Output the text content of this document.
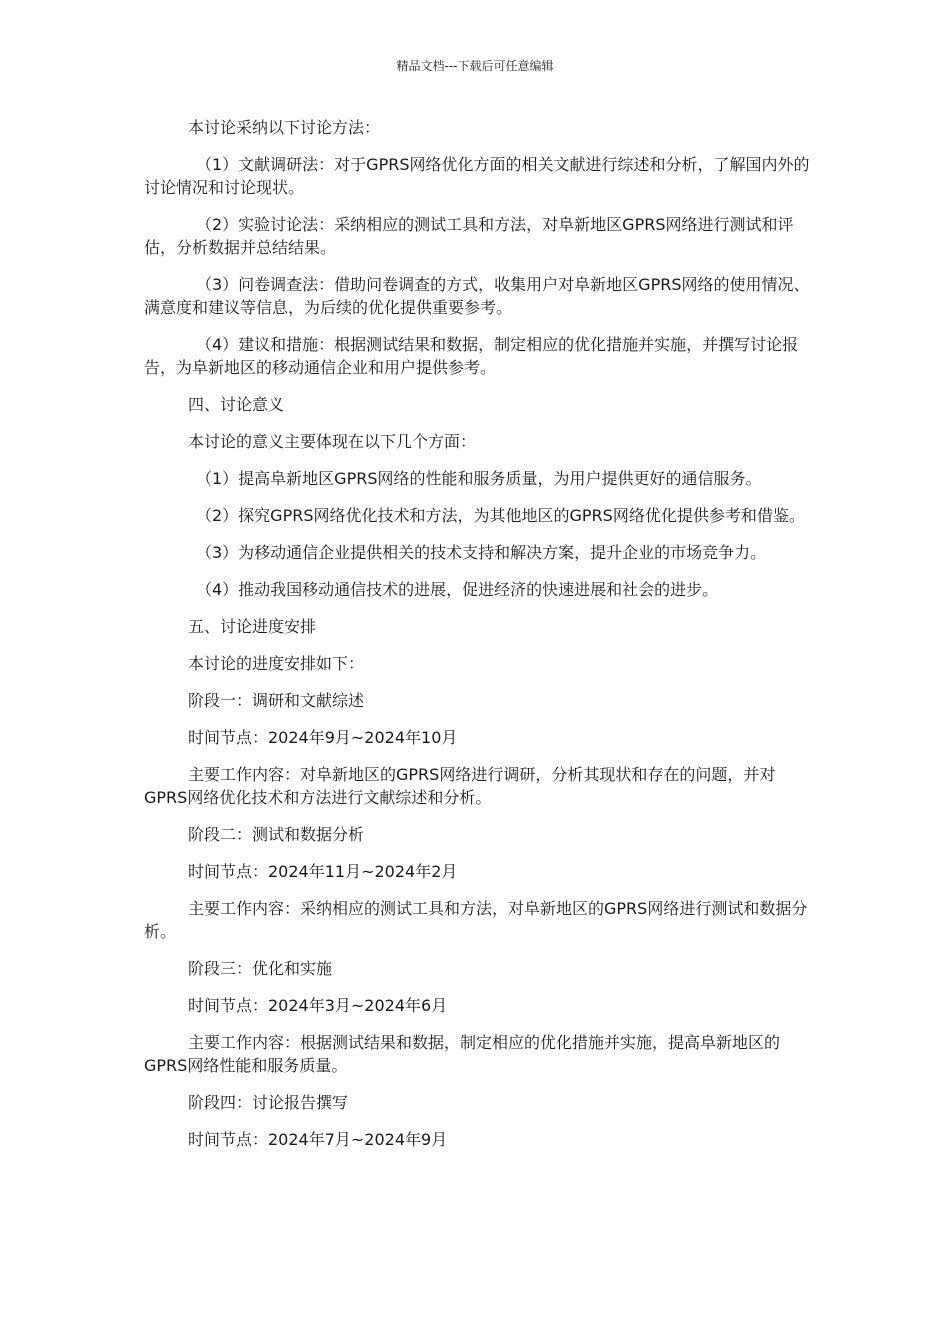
精品文档---下载后可任意编辑

本讨论采纳以下讨论方法：

（1）文献调研法：对于GPRS网络优化方面的相关文献进行综述和分析，了解国内外的讨论情况和讨论现状。

（2）实验讨论法：采纳相应的测试工具和方法，对阜新地区GPRS网络进行测试和评估，分析数据并总结结果。

（3）问卷调查法：借助问卷调查的方式，收集用户对阜新地区GPRS网络的使用情况、满意度和建议等信息，为后续的优化提供重要参考。

（4）建议和措施：根据测试结果和数据，制定相应的优化措施并实施，并撰写讨论报告，为阜新地区的移动通信企业和用户提供参考。

四、讨论意义

本讨论的意义主要体现在以下几个方面：

（1）提高阜新地区GPRS网络的性能和服务质量，为用户提供更好的通信服务。

（2）探究GPRS网络优化技术和方法，为其他地区的GPRS网络优化提供参考和借鉴。

（3）为移动通信企业提供相关的技术支持和解决方案，提升企业的市场竞争力。

（4）推动我国移动通信技术的进展，促进经济的快速进展和社会的进步。

五、讨论进度安排

本讨论的进度安排如下：

阶段一：调研和文献综述

时间节点：2024年9月~2024年10月

主要工作内容：对阜新地区的GPRS网络进行调研，分析其现状和存在的问题，并对GPRS网络优化技术和方法进行文献综述和分析。

阶段二：测试和数据分析

时间节点：2024年11月~2024年2月

主要工作内容：采纳相应的测试工具和方法，对阜新地区的GPRS网络进行测试和数据分析。

阶段三：优化和实施

时间节点：2024年3月~2024年6月

主要工作内容：根据测试结果和数据，制定相应的优化措施并实施，提高阜新地区的GPRS网络性能和服务质量。

阶段四：讨论报告撰写

时间节点：2024年7月~2024年9月
